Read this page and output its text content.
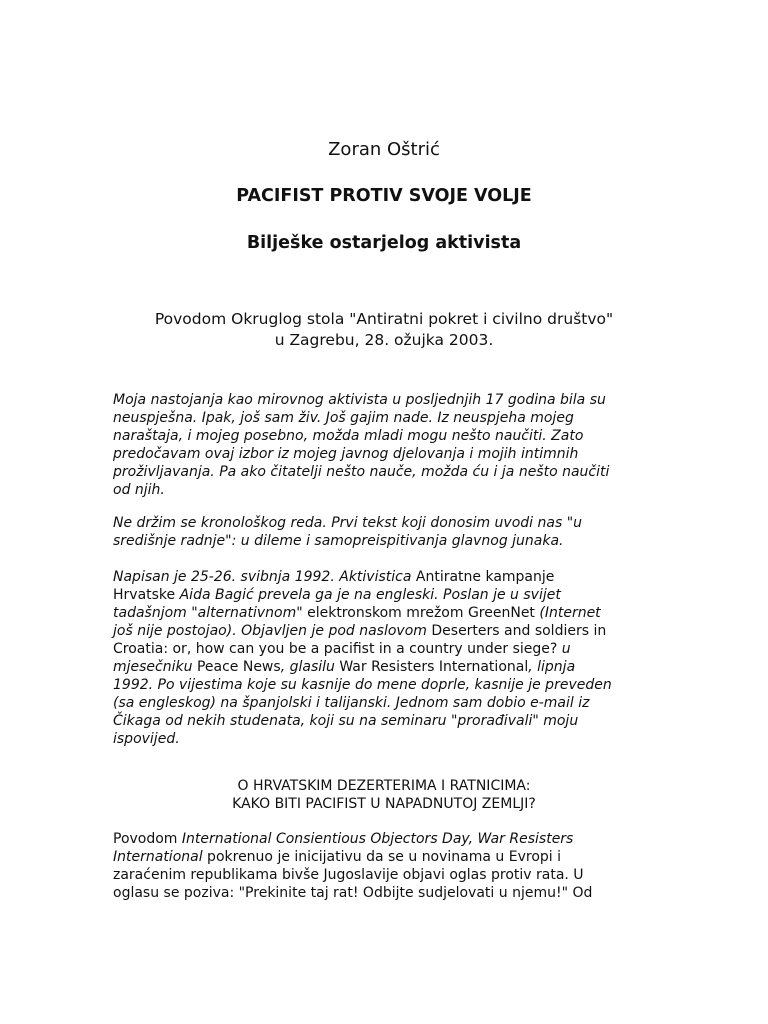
Zoran Oštrić
PACIFIST PROTIV SVOJE VOLJE
Bilješke ostarjelog aktivista
Povodom Okruglog stola "Antiratni pokret i civilno društvo"
u Zagrebu, 28. ožujka 2003.
Moja nastojanja kao mirovnog aktivista u posljednjih 17 godina bila su
neuspješna. Ipak, još sam živ. Još gajim nade. Iz neuspjeha mojeg
naraštaja, i mojeg posebno, možda mladi mogu nešto naučiti. Zato
predočavam ovaj izbor iz mojeg javnog djelovanja i mojih intimnih
proživljavanja. Pa ako čitatelji nešto nauče, možda ću i ja nešto naučiti
od njih.
Ne držim se kronološkog reda. Prvi tekst koji donosim uvodi nas "u
središnje radnje": u dileme i samopreispitivanja glavnog junaka.
Napisan je 25-26. svibnja 1992. Aktivistica Antiratne kampanje
Hrvatske Aida Bagić prevela ga je na engleski. Poslan je u svijet
tadašnjom "alternativnom" elektronskom mrežom GreenNet (Internet
još nije postojao). Objavljen je pod naslovom Deserters and soldiers in
Croatia: or, how can you be a pacifist in a country under siege? u
mjesečniku Peace News, glasilu War Resisters International, lipnja
1992. Po vijestima koje su kasnije do mene doprle, kasnije je preveden
(sa engleskog) na španjolski i talijanski. Jednom sam dobio e-mail iz
Čikaga od nekih studenata, koji su na seminaru "prorađivali" moju
ispovijed.
O HRVATSKIM DEZERTERIMA I RATNICIMA:
KAKO BITI PACIFIST U NAPADNUTOJ ZEMLJI?
Povodom International Consientious Objectors Day, War Resisters
International pokrenuo je inicijativu da se u novinama u Evropi i
zaraćenim republikama bivše Jugoslavije objavi oglas protiv rata. U
oglasu se poziva: "Prekinite taj rat! Odbijte sudjelovati u njemu!" Od
